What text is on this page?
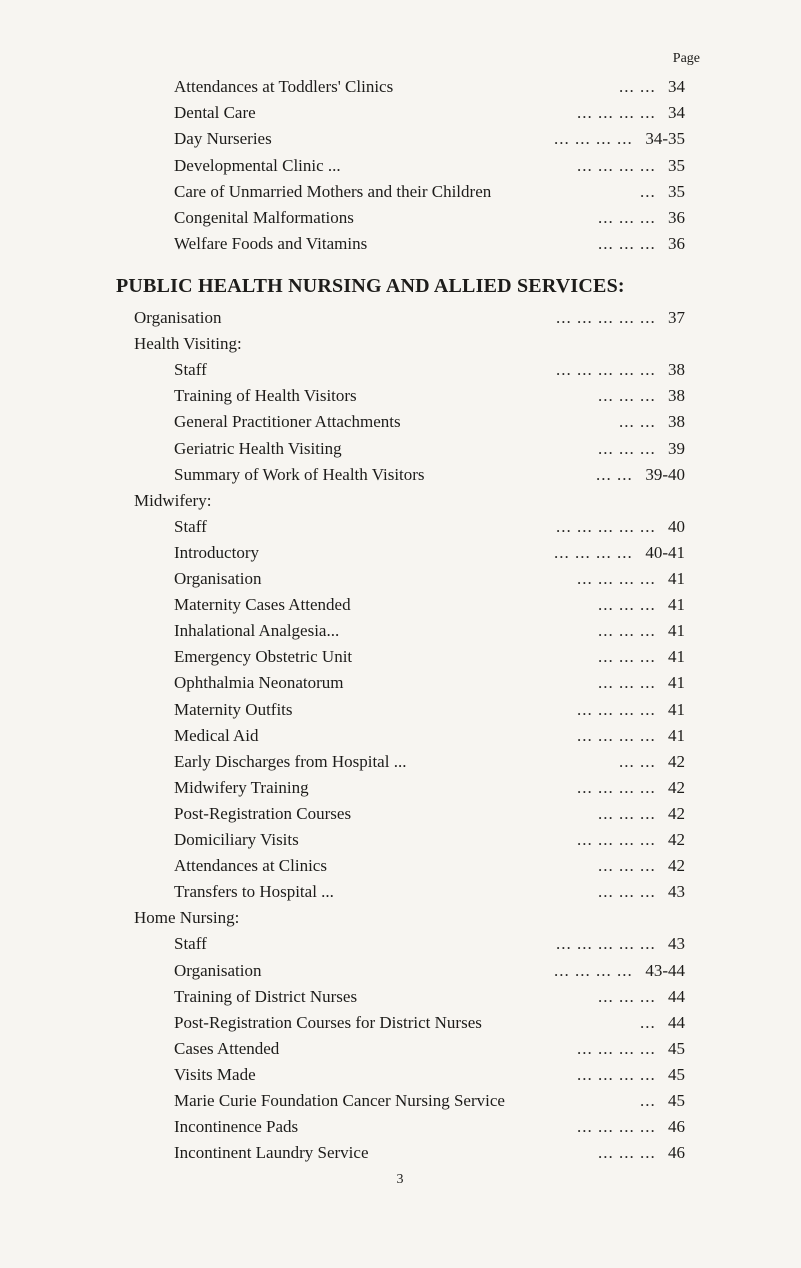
Page
Attendances at Toddlers' Clinics	... ... 34
Dental Care	... ... ... ... 34
Day Nurseries	... ... ... ... 34-35
Developmental Clinic ...	... ... ... ... 35
Care of Unmarried Mothers and their Children	... 35
Congenital Malformations	... ... ... 36
Welfare Foods and Vitamins	... ... ... 36
PUBLIC HEALTH NURSING AND ALLIED SERVICES:
Organisation	... ... ... ... ... 37
Health Visiting:
Staff	... ... ... ... ... 38
Training of Health Visitors	... ... ... 38
General Practitioner Attachments	... ... 38
Geriatric Health Visiting	... ... ... 39
Summary of Work of Health Visitors	... ... 39-40
Midwifery:
Staff	... ... ... ... ... 40
Introductory	... ... ... ... 40-41
Organisation	... ... ... ... 41
Maternity Cases Attended	... ... ... 41
Inhalational Analgesia...	... ... ... 41
Emergency Obstetric Unit	... ... ... 41
Ophthalmia Neonatorum	... ... ... 41
Maternity Outfits	... ... ... ... 41
Medical Aid	... ... ... ... 41
Early Discharges from Hospital ...	... ... 42
Midwifery Training	... ... ... ... 42
Post-Registration Courses	... ... ... 42
Domiciliary Visits	... ... ... ... 42
Attendances at Clinics	... ... ... 42
Transfers to Hospital ...	... ... ... 43
Home Nursing:
Staff	... ... ... ... ... 43
Organisation	... ... ... ... 43-44
Training of District Nurses	... ... ... 44
Post-Registration Courses for District Nurses	... 44
Cases Attended	... ... ... ... 45
Visits Made	... ... ... ... 45
Marie Curie Foundation Cancer Nursing Service	... 45
Incontinence Pads	... ... ... ... 46
Incontinent Laundry Service	... ... ... 46
3
